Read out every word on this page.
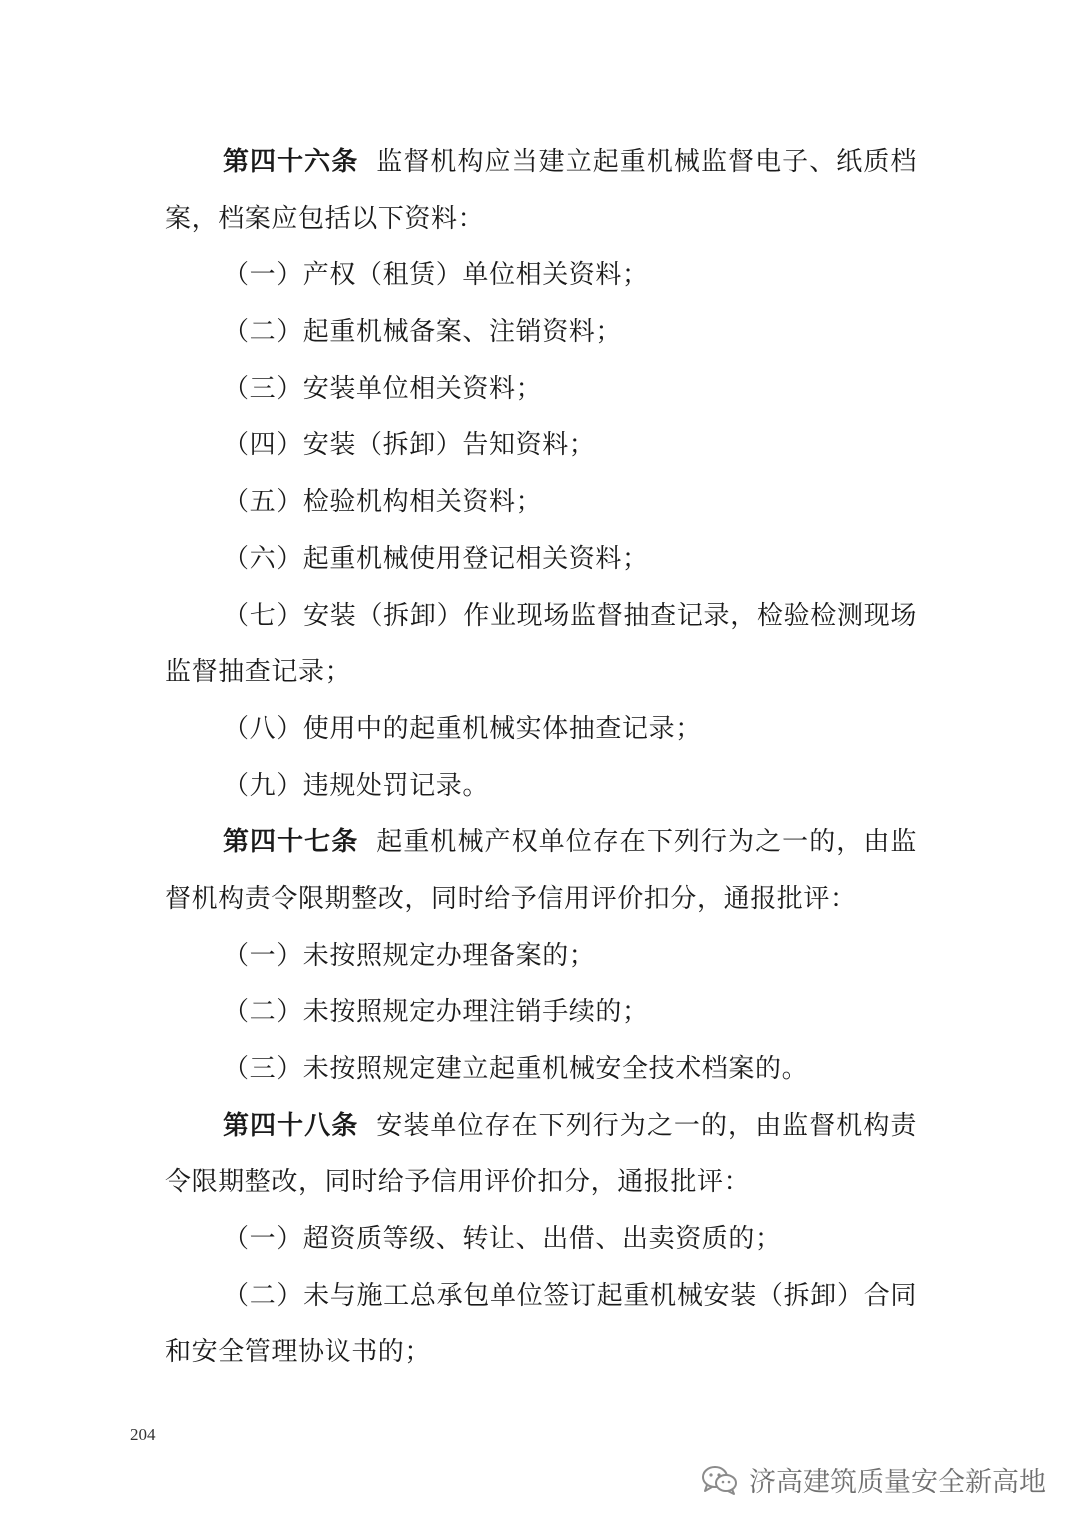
第四十六条 监督机构应当建立起重机械监督电子、纸质档
案，档案应包括以下资料：
（一）产权（租赁）单位相关资料；
（二）起重机械备案、注销资料；
（三）安装单位相关资料；
（四）安装（拆卸）告知资料；
（五）检验机构相关资料；
（六）起重机械使用登记相关资料；
（七）安装（拆卸）作业现场监督抽查记录，检验检测现场
监督抽查记录；
（八）使用中的起重机械实体抽查记录；
（九）违规处罚记录。
第四十七条 起重机械产权单位存在下列行为之一的，由监
督机构责令限期整改，同时给予信用评价扣分，通报批评：
（一）未按照规定办理备案的；
（二）未按照规定办理注销手续的；
（三）未按照规定建立起重机械安全技术档案的。
第四十八条 安装单位存在下列行为之一的，由监督机构责
令限期整改，同时给予信用评价扣分，通报批评：
（一）超资质等级、转让、出借、出卖资质的；
（二）未与施工总承包单位签订起重机械安装（拆卸）合同
和安全管理协议书的；
204
济高建筑质量安全新高地
